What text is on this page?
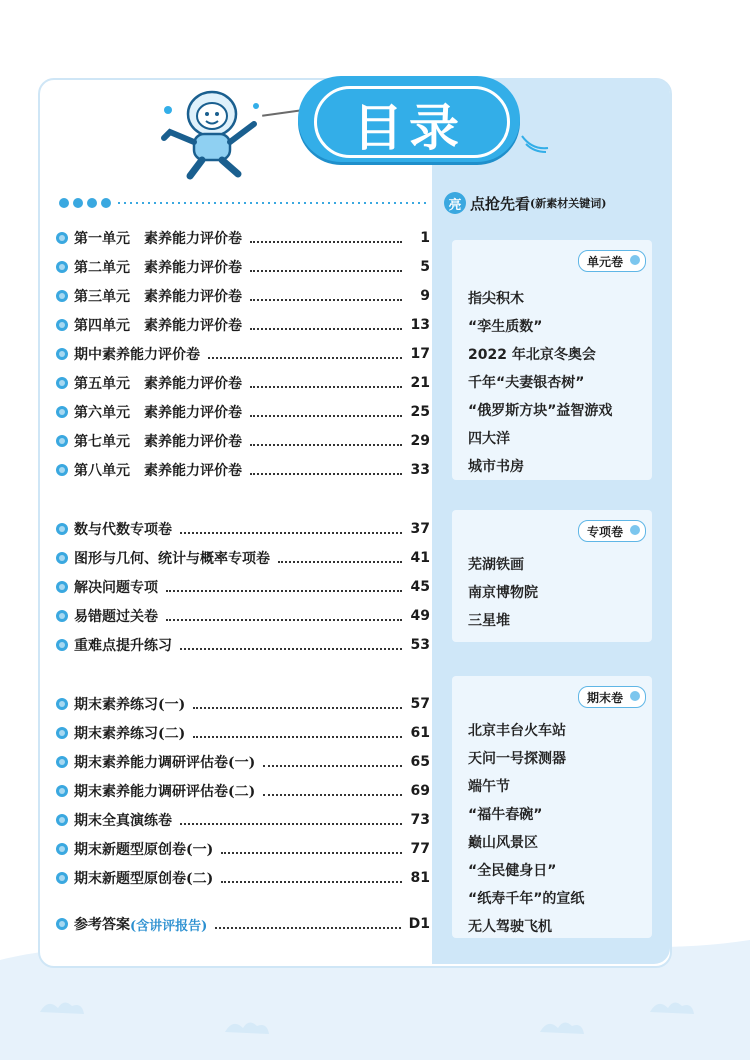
目录
第一单元　素养能力评价卷	1
第二单元　素养能力评价卷	5
第三单元　素养能力评价卷	9
第四单元　素养能力评价卷	13
期中素养能力评价卷	17
第五单元　素养能力评价卷	21
第六单元　素养能力评价卷	25
第七单元　素养能力评价卷	29
第八单元　素养能力评价卷	33
数与代数专项卷	37
图形与几何、统计与概率专项卷	41
解决问题专项	45
易错题过关卷	49
重难点提升练习	53
期末素养练习(一)	57
期末素养练习(二)	61
期末素养能力调研评估卷(一)	65
期末素养能力调研评估卷(二)	69
期末全真演练卷	73
期末新题型原创卷(一)	77
期末新题型原创卷(二)	81
参考答案 (含讲评报告)	D1
亮 点抢先看 (新素材关键词)
单元卷
指尖积木
“孪生质数”
2022 年北京冬奥会
千年“夫妻银杏树”
“俄罗斯方块”益智游戏
四大洋
城市书房
专项卷
芜湖铁画
南京博物院
三星堆
期末卷
北京丰台火车站
天问一号探测器
端午节
“福牛春碗”
巅山风景区
“全民健身日”
“纸寿千年”的宣纸
无人驾驶飞机
